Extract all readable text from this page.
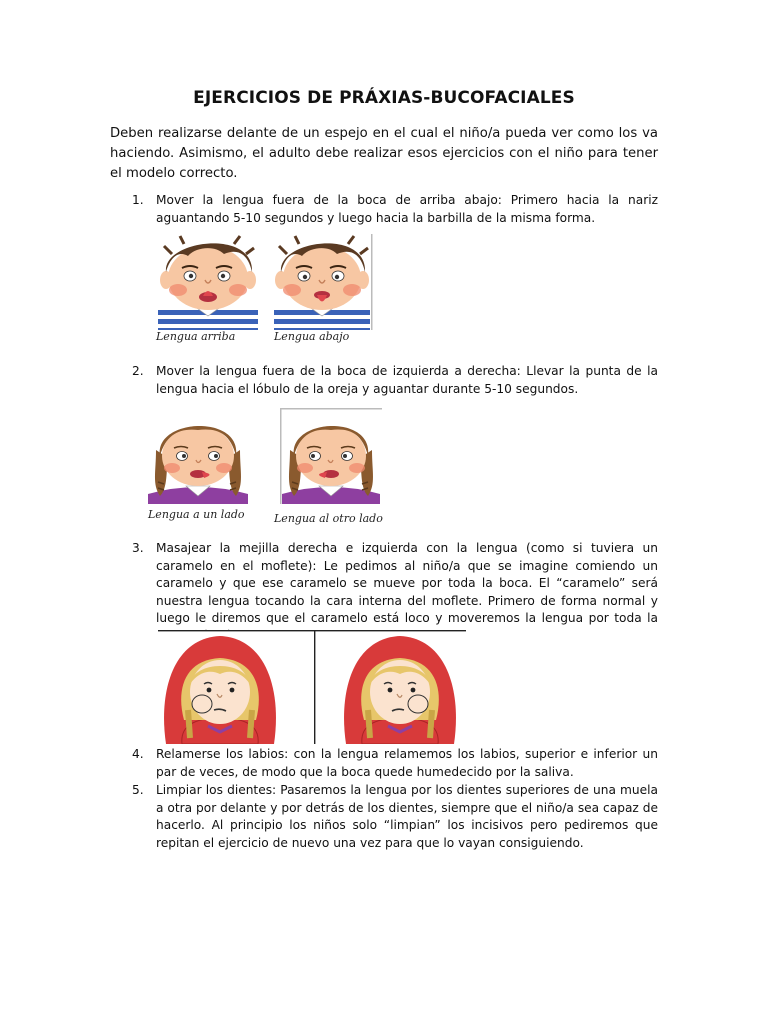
EJERCICIOS DE PRÁXIAS-BUCOFACIALES

Deben realizarse delante de un espejo en el cual el niño/a pueda ver como los va haciendo. Asimismo, el adulto debe realizar esos ejercicios con el niño para tener el modelo correcto.

1. Mover la lengua fuera de la boca de arriba abajo: Primero hacia la nariz aguantando 5-10 segundos y luego hacia la barbilla de la misma forma.
Lengua arriba	Lengua abajo
2. Mover la lengua fuera de la boca de izquierda a derecha: Llevar la punta de la lengua hacia el lóbulo de la oreja y aguantar durante 5-10 segundos.
Lengua a un lado	Lengua al otro lado
3. Masajear la mejilla derecha e izquierda con la lengua (como si tuviera un caramelo en el moflete): Le pedimos al niño/a que se imagine comiendo un caramelo y que ese caramelo se mueve por toda la boca. El “caramelo” será nuestra lengua tocando la cara interna del moflete. Primero de forma normal y luego le diremos que el caramelo está loco y moveremos la lengua por toda la
4. Relamerse los labios: con la lengua relamemos los labios, superior e inferior un par de veces, de modo que la boca quede humedecido por la saliva.
5. Limpiar los dientes: Pasaremos la lengua por los dientes superiores de una muela a otra por delante y por detrás de los dientes, siempre que el niño/a sea capaz de hacerlo. Al principio los niños solo “limpian” los incisivos pero pediremos que repitan el ejercicio de nuevo una vez para que lo vayan consiguiendo.
